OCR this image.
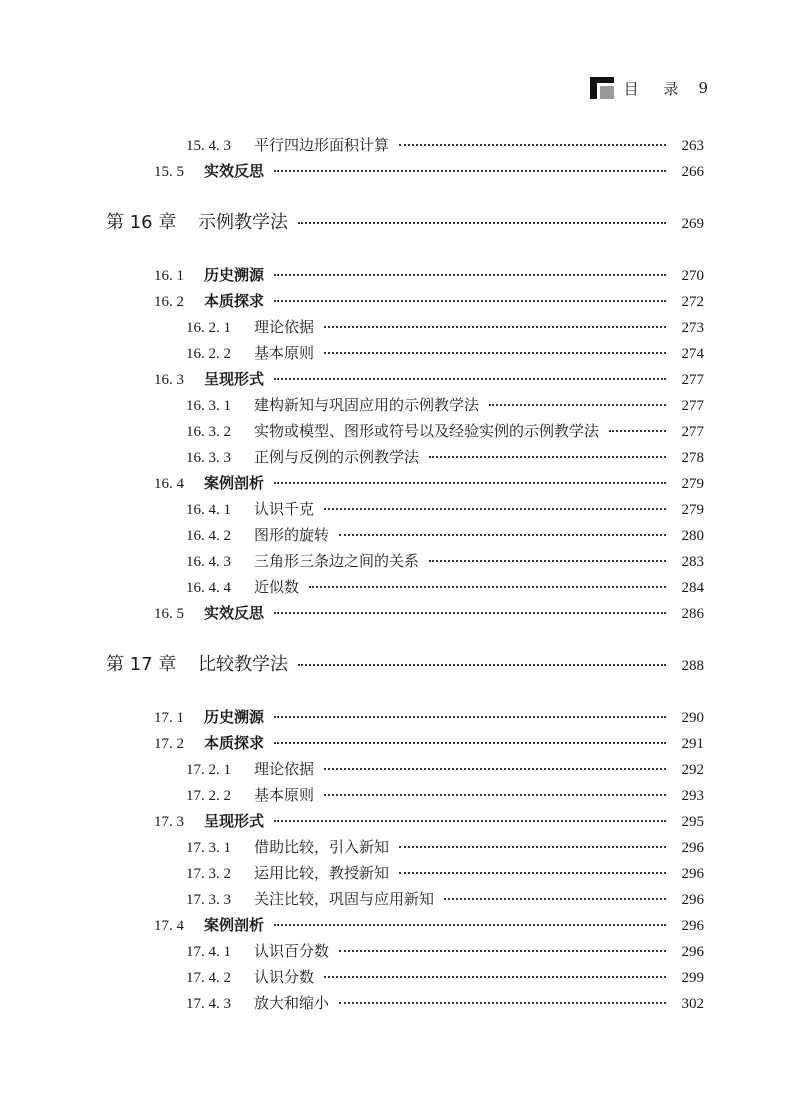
目 录 9
15. 4. 3	平行四边形面积计算	263
15. 5	实效反思	266
第 16 章	示例教学法	269
16. 1	历史溯源	270
16. 2	本质探求	272
16. 2. 1	理论依据	273
16. 2. 2	基本原则	274
16. 3	呈现形式	277
16. 3. 1	建构新知与巩固应用的示例教学法	277
16. 3. 2	实物或模型、图形或符号以及经验实例的示例教学法	277
16. 3. 3	正例与反例的示例教学法	278
16. 4	案例剖析	279
16. 4. 1	认识千克	279
16. 4. 2	图形的旋转	280
16. 4. 3	三角形三条边之间的关系	283
16. 4. 4	近似数	284
16. 5	实效反思	286
第 17 章	比较教学法	288
17. 1	历史溯源	290
17. 2	本质探求	291
17. 2. 1	理论依据	292
17. 2. 2	基本原则	293
17. 3	呈现形式	295
17. 3. 1	借助比较，引入新知	296
17. 3. 2	运用比较，教授新知	296
17. 3. 3	关注比较，巩固与应用新知	296
17. 4	案例剖析	296
17. 4. 1	认识百分数	296
17. 4. 2	认识分数	299
17. 4. 3	放大和缩小	302
